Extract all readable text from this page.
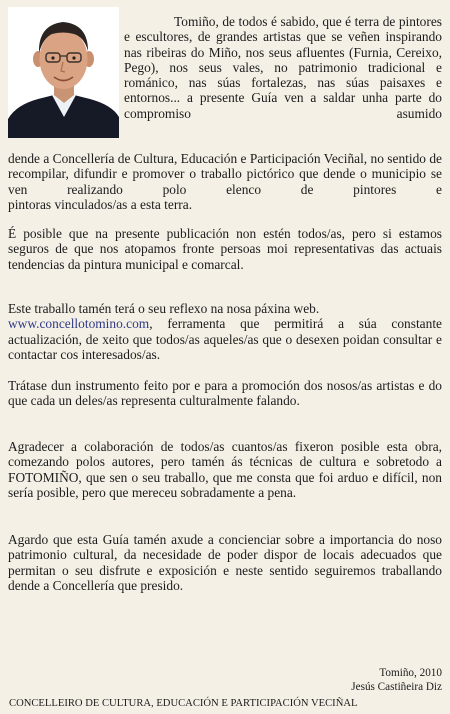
Tomiño, de todos é sabido, que é terra de pintores e escultores, de grandes artistas que se veñen inspirando nas ribeiras do Miño, nos seus afluentes (Furnia, Cereixo, Pego), nos seus vales, no patrimonio tradicional e románico, nas súas fortalezas, nas súas paisaxes e entornos... a presente Guía ven a saldar unha parte do compromiso asumido

dende a Concellería de Cultura, Educación e Participación Veciñal, no sentido de recompilar, difundir e promover o traballo pictórico que dende o municipio se ven realizando polo elenco de pintores e
pintoras vinculados/as a esta terra.

É posible que na presente publicación non estén todos/as, pero si estamos seguros de que nos atopamos fronte persoas moi representativas das actuais tendencias da pintura municipal e comarcal.

Este traballo tamén terá o seu reflexo na nosa páxina web.
www.concellotomino.com, ferramenta que permitirá a súa constante actualización, de xeito que todos/as aqueles/as que o desexen poidan consultar e contactar cos interesados/as.

Trátase dun instrumento feito por e para a promoción dos nosos/as artistas e do que cada un deles/as representa culturalmente falando.

Agradecer a colaboración de todos/as cuantos/as fixeron posible esta obra, comezando polos autores, pero tamén ás técnicas de cultura e sobretodo a FOTOMIÑO, que sen o seu traballo, que me consta que foi arduo e difícil, non sería posible, pero que mereceu sobradamente a pena.

Agardo que esta Guía tamén axude a concienciar sobre a importancia do noso patrimonio cultural, da necesidade de poder dispor de locais adecuados que permitan o seu disfrute e exposición e neste sentido seguiremos traballando dende a Concellería que presido.

Tomiño, 2010
Jesús Castiñeira Diz
CONCELLEIRO DE CULTURA, EDUCACIÓN E PARTICIPACIÓN VECIÑAL
